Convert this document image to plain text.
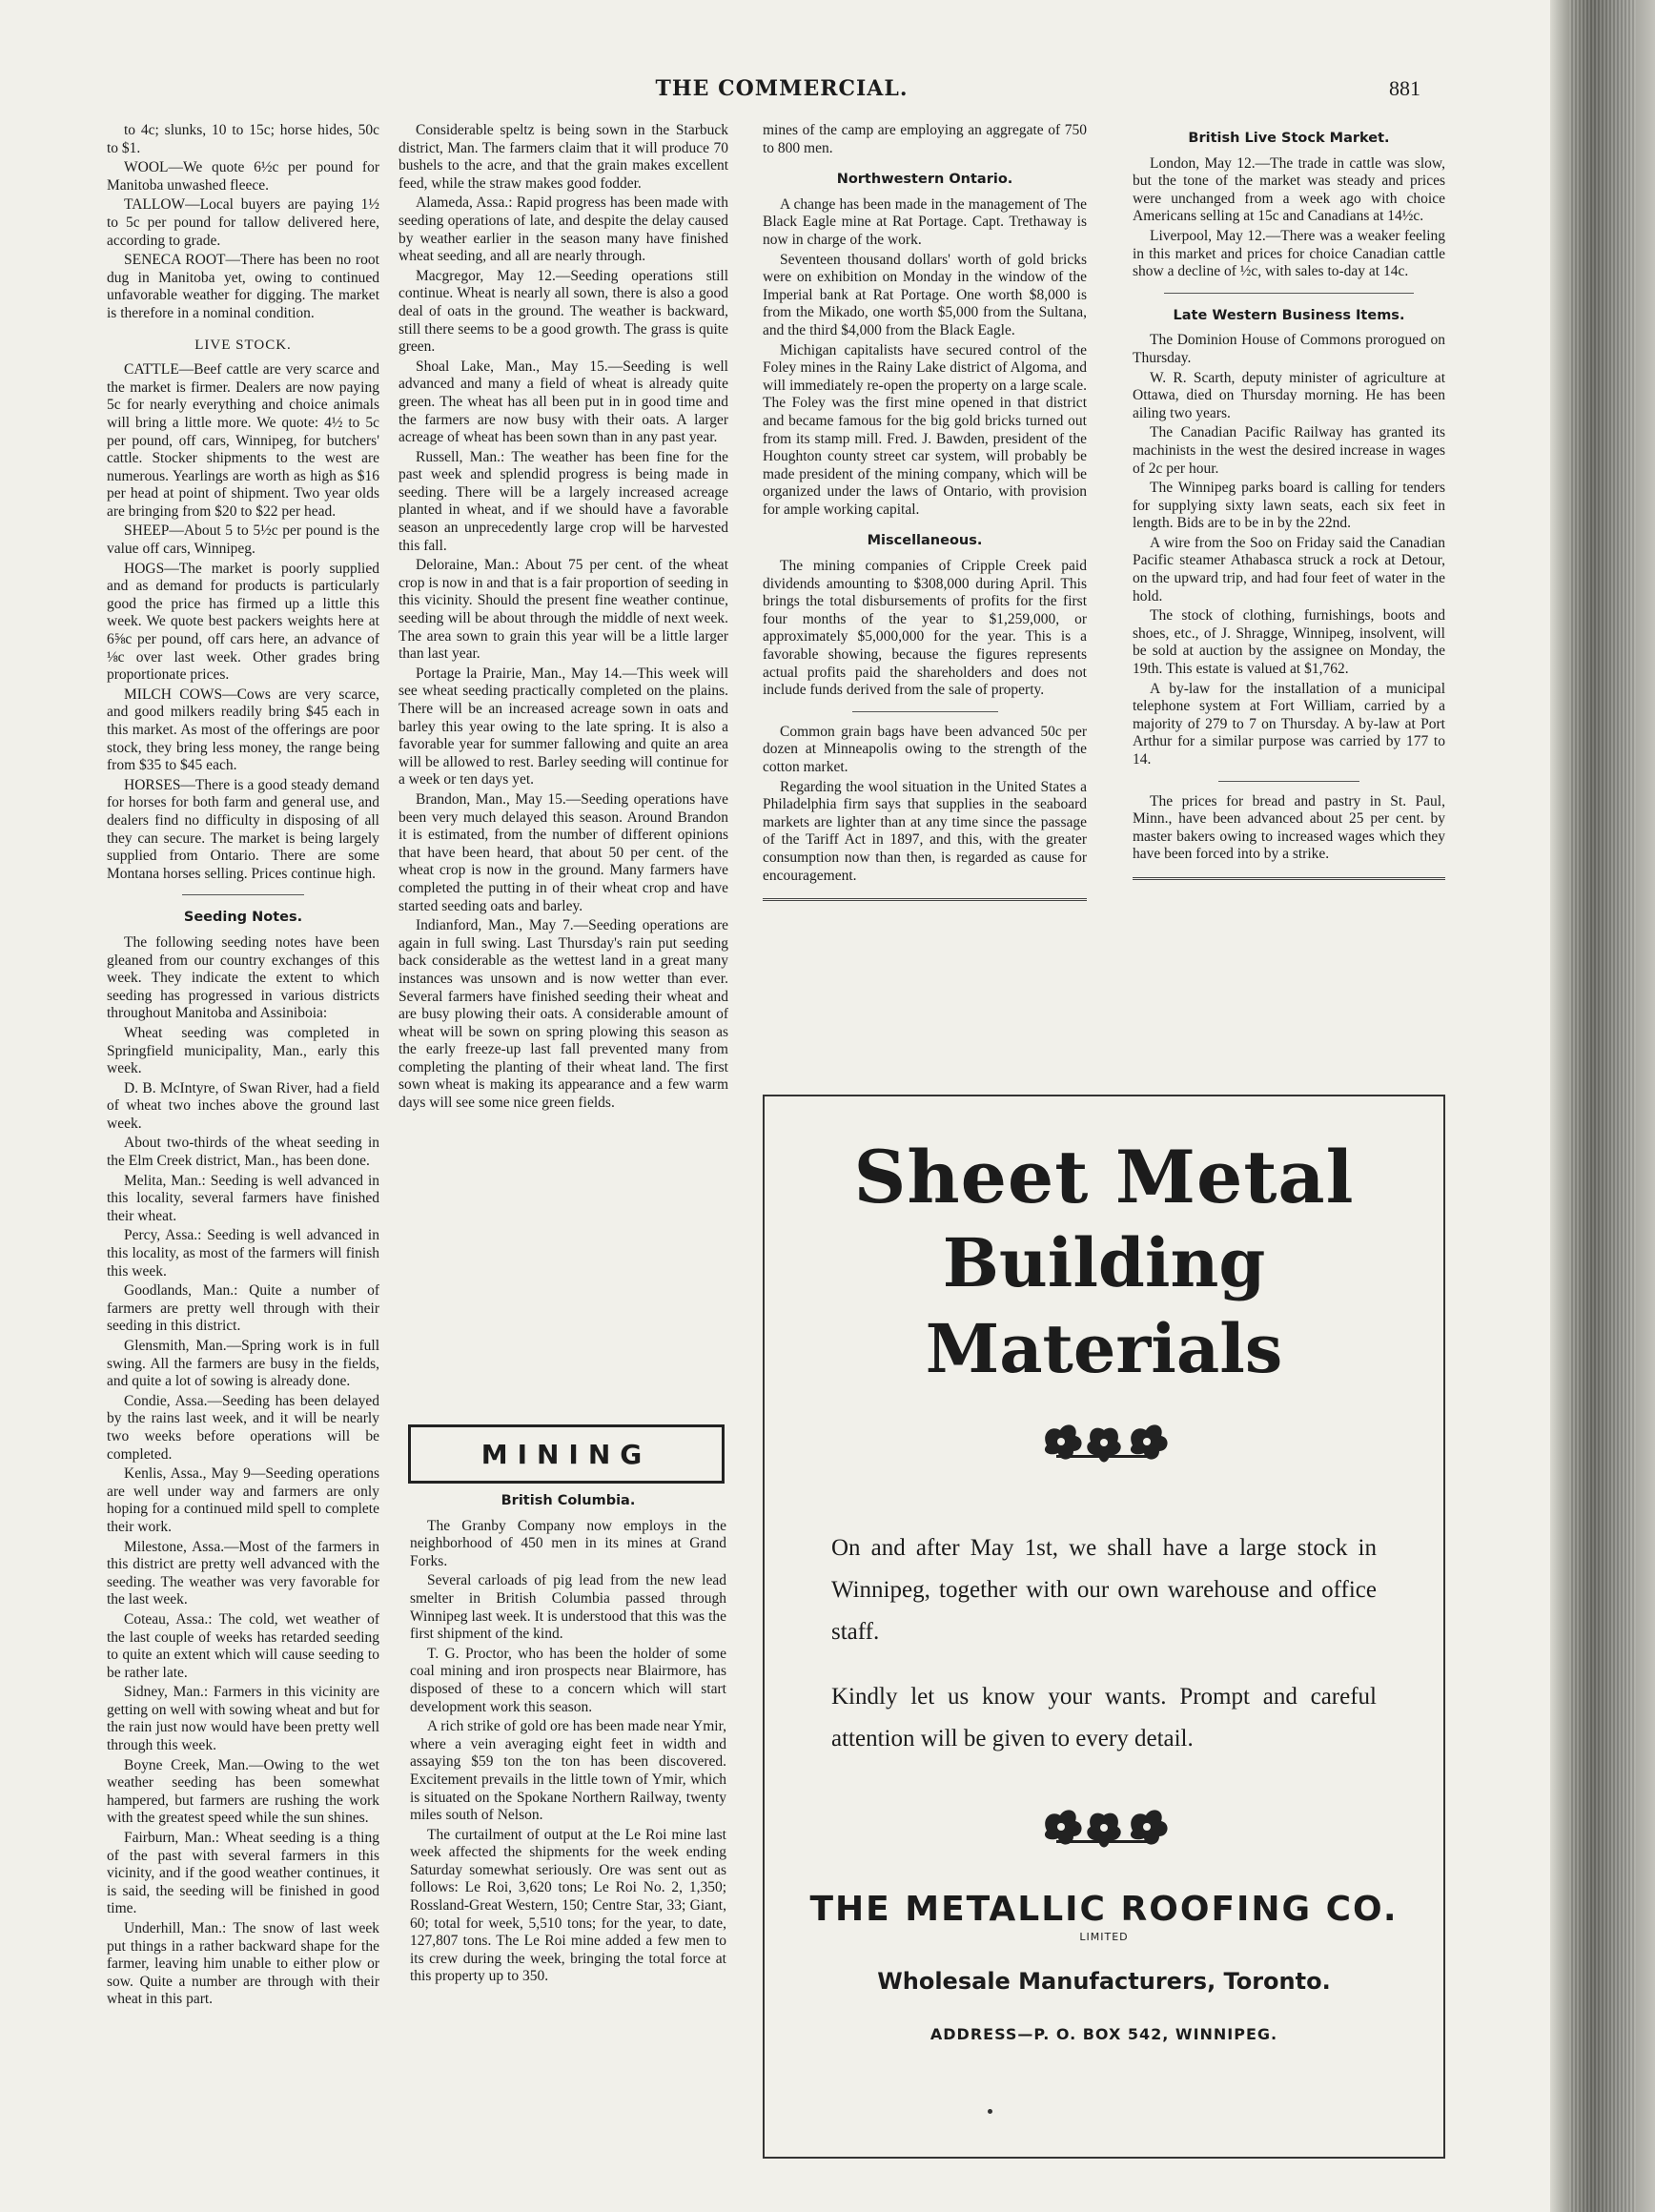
THE COMMERCIAL.	881

to 4c; slunks, 10 to 15c; horse hides, 50c to $1.

WOOL—We quote 6½c per pound for Manitoba unwashed fleece.

TALLOW—Local buyers are paying 1½ to 5c per pound for tallow delivered here, according to grade.

SENECA ROOT—There has been no root dug in Manitoba yet, owing to continued unfavorable weather for digging. The market is therefore in a nominal condition.

LIVE STOCK.

CATTLE—Beef cattle are very scarce and the market is firmer. Dealers are now paying 5c for nearly everything and choice animals will bring a little more. We quote: 4½ to 5c per pound, off cars, Winnipeg, for butchers' cattle. Stocker shipments to the west are numerous. Yearlings are worth as high as $16 per head at point of shipment. Two year olds are bringing from $20 to $22 per head.

SHEEP—About 5 to 5½c per pound is the value off cars, Winnipeg.

HOGS—The market is poorly supplied and as demand for products is particularly good the price has firmed up a little this week. We quote best packers weights here at 6⅝c per pound, off cars here, an advance of ⅛c over last week. Other grades bring proportionate prices.

MILCH COWS—Cows are very scarce, and good milkers readily bring $45 each in this market. As most of the offerings are poor stock, they bring less money, the range being from $35 to $45 each.

HORSES—There is a good steady demand for horses for both farm and general use, and dealers find no difficulty in disposing of all they can secure. The market is being largely supplied from Ontario. There are some Montana horses selling. Prices continue high.

Seeding Notes.

The following seeding notes have been gleaned from our country exchanges of this week. They indicate the extent to which seeding has progressed in various districts throughout Manitoba and Assiniboia:

Wheat seeding was completed in Springfield municipality, Man., early this week.

D. B. McIntyre, of Swan River, had a field of wheat two inches above the ground last week.

About two-thirds of the wheat seeding in the Elm Creek district, Man., has been done.

Melita, Man.: Seeding is well advanced in this locality, several farmers have finished their wheat.

Percy, Assa.: Seeding is well advanced in this locality, as most of the farmers will finish this week.

Goodlands, Man.: Quite a number of farmers are pretty well through with their seeding in this district.

Glensmith, Man.—Spring work is in full swing. All the farmers are busy in the fields, and quite a lot of sowing is already done.

Condie, Assa.—Seeding has been delayed by the rains last week, and it will be nearly two weeks before operations will be completed.

Kenlis, Assa., May 9—Seeding operations are well under way and farmers are only hoping for a continued mild spell to complete their work.

Milestone, Assa.—Most of the farmers in this district are pretty well advanced with the seeding. The weather was very favorable for the last week.

Coteau, Assa.: The cold, wet weather of the last couple of weeks has retarded seeding to quite an extent which will cause seeding to be rather late.

Sidney, Man.: Farmers in this vicinity are getting on well with sowing wheat and but for the rain just now would have been pretty well through this week.

Boyne Creek, Man.—Owing to the wet weather seeding has been somewhat hampered, but farmers are rushing the work with the greatest speed while the sun shines.

Fairburn, Man.: Wheat seeding is a thing of the past with several farmers in this vicinity, and if the good weather continues, it is said, the seeding will be finished in good time.

Underhill, Man.: The snow of last week put things in a rather backward shape for the farmer, leaving him unable to either plow or sow. Quite a number are through with their wheat in this part.

Considerable speltz is being sown in the Starbuck district, Man. The farmers claim that it will produce 70 bushels to the acre, and that the grain makes excellent feed, while the straw makes good fodder.

Alameda, Assa.: Rapid progress has been made with seeding operations of late, and despite the delay caused by weather earlier in the season many have finished wheat seeding, and all are nearly through.

Macgregor, May 12.—Seeding operations still continue. Wheat is nearly all sown, there is also a good deal of oats in the ground. The weather is backward, still there seems to be a good growth. The grass is quite green.

Shoal Lake, Man., May 15.—Seeding is well advanced and many a field of wheat is already quite green. The wheat has all been put in in good time and the farmers are now busy with their oats. A larger acreage of wheat has been sown than in any past year.

Russell, Man.: The weather has been fine for the past week and splendid progress is being made in seeding. There will be a largely increased acreage planted in wheat, and if we should have a favorable season an unprecedently large crop will be harvested this fall.

Deloraine, Man.: About 75 per cent. of the wheat crop is now in and that is a fair proportion of seeding in this vicinity. Should the present fine weather continue, seeding will be about through the middle of next week. The area sown to grain this year will be a little larger than last year.

Portage la Prairie, Man., May 14.—This week will see wheat seeding practically completed on the plains. There will be an increased acreage sown in oats and barley this year owing to the late spring. It is also a favorable year for summer fallowing and quite an area will be allowed to rest. Barley seeding will continue for a week or ten days yet.

Brandon, Man., May 15.—Seeding operations have been very much delayed this season. Around Brandon it is estimated, from the number of different opinions that have been heard, that about 50 per cent. of the wheat crop is now in the ground. Many farmers have completed the putting in of their wheat crop and have started seeding oats and barley.

Indianford, Man., May 7.—Seeding operations are again in full swing. Last Thursday's rain put seeding back considerable as the wettest land in a great many instances was unsown and is now wetter than ever. Several farmers have finished seeding their wheat and are busy plowing their oats. A considerable amount of wheat will be sown on spring plowing this season as the early freeze-up last fall prevented many from completing the planting of their wheat land. The first sown wheat is making its appearance and a few warm days will see some nice green fields.

MINING
British Columbia.

The Granby Company now employs in the neighborhood of 450 men in its mines at Grand Forks.

Several carloads of pig lead from the new lead smelter in British Columbia passed through Winnipeg last week. It is understood that this was the first shipment of the kind.

T. G. Proctor, who has been the holder of some coal mining and iron prospects near Blairmore, has disposed of these to a concern which will start development work this season.

A rich strike of gold ore has been made near Ymir, where a vein averaging eight feet in width and assaying $59 ton the ton has been discovered. Excitement prevails in the little town of Ymir, which is situated on the Spokane Northern Railway, twenty miles south of Nelson.

The curtailment of output at the Le Roi mine last week affected the shipments for the week ending Saturday somewhat seriously. Ore was sent out as follows: Le Roi, 3,620 tons; Le Roi No. 2, 1,350; Rossland-Great Western, 150; Centre Star, 33; Giant, 60; total for week, 5,510 tons; for the year, to date, 127,807 tons. The Le Roi mine added a few men to its crew during the week, bringing the total force at this property up to 350.

mines of the camp are employing an aggregate of 750 to 800 men.

Northwestern Ontario.

A change has been made in the management of The Black Eagle mine at Rat Portage. Capt. Trethaway is now in charge of the work.

Seventeen thousand dollars' worth of gold bricks were on exhibition on Monday in the window of the Imperial bank at Rat Portage. One worth $8,000 is from the Mikado, one worth $5,000 from the Sultana, and the third $4,000 from the Black Eagle.

Michigan capitalists have secured control of the Foley mines in the Rainy Lake district of Algoma, and will immediately re-open the property on a large scale. The Foley was the first mine opened in that district and became famous for the big gold bricks turned out from its stamp mill. Fred. J. Bawden, president of the Houghton county street car system, will probably be made president of the mining company, which will be organized under the laws of Ontario, with provision for ample working capital.

Miscellaneous.

The mining companies of Cripple Creek paid dividends amounting to $308,000 during April. This brings the total disbursements of profits for the first four months of the year to $1,259,000, or approximately $5,000,000 for the year. This is a favorable showing, because the figures represents actual profits paid the shareholders and does not include funds derived from the sale of property.

Common grain bags have been advanced 50c per dozen at Minneapolis owing to the strength of the cotton market.

Regarding the wool situation in the United States a Philadelphia firm says that supplies in the seaboard markets are lighter than at any time since the passage of the Tariff Act in 1897, and this, with the greater consumption now than then, is regarded as cause for encouragement.

British Live Stock Market.

London, May 12.—The trade in cattle was slow, but the tone of the market was steady and prices were unchanged from a week ago with choice Americans selling at 15c and Canadians at 14½c.

Liverpool, May 12.—There was a weaker feeling in this market and prices for choice Canadian cattle show a decline of ½c, with sales to-day at 14c.

Late Western Business Items.

The Dominion House of Commons prorogued on Thursday.

W. R. Scarth, deputy minister of agriculture at Ottawa, died on Thursday morning. He has been ailing two years.

The Canadian Pacific Railway has granted its machinists in the west the desired increase in wages of 2c per hour.

The Winnipeg parks board is calling for tenders for supplying sixty lawn seats, each six feet in length. Bids are to be in by the 22nd.

A wire from the Soo on Friday said the Canadian Pacific steamer Athabasca struck a rock at Detour, on the upward trip, and had four feet of water in the hold.

The stock of clothing, furnishings, boots and shoes, etc., of J. Shragge, Winnipeg, insolvent, will be sold at auction by the assignee on Monday, the 19th. This estate is valued at $1,762.

A by-law for the installation of a municipal telephone system at Fort William, carried by a majority of 279 to 7 on Thursday. A by-law at Port Arthur for a similar purpose was carried by 177 to 14.

The prices for bread and pastry in St. Paul, Minn., have been advanced about 25 per cent. by master bakers owing to increased wages which they have been forced into by a strike.

Sheet Metal
Building
Materials
On and after May 1st, we shall have a large stock in Winnipeg, together with our own warehouse and office staff.
Kindly let us know your wants. Prompt and careful attention will be given to every detail.
THE METALLIC ROOFING CO.
LIMITED
Wholesale Manufacturers, Toronto.
ADDRESS—P. O. BOX 542, WINNIPEG.
